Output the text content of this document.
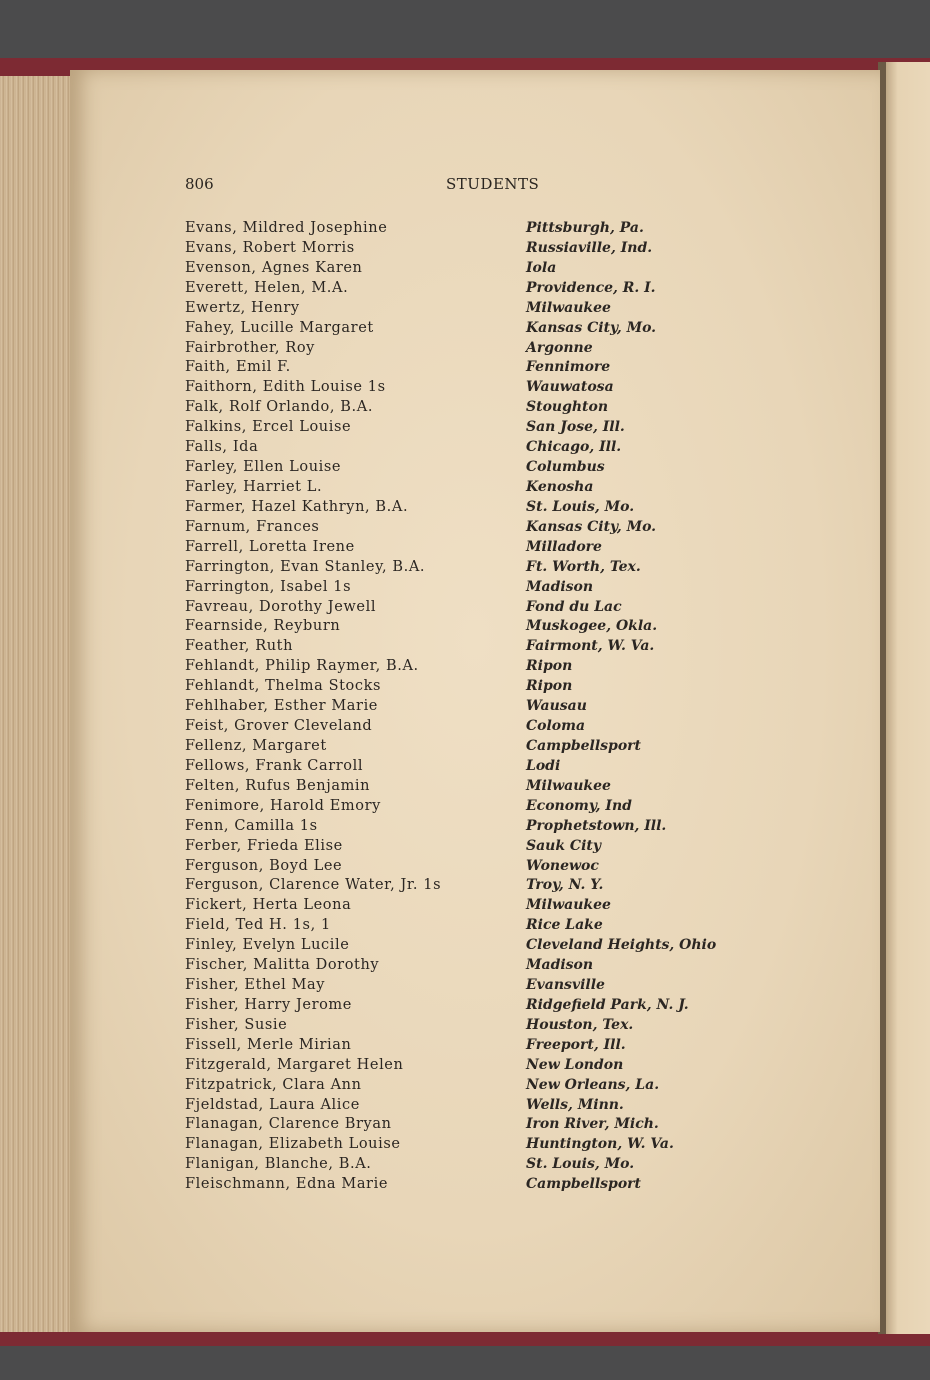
806	STUDENTS
Evans, Mildred Josephine	Pittsburgh, Pa.
Evans, Robert Morris	Russiaville, Ind.
Evenson, Agnes Karen	Iola
Everett, Helen, M.A.	Providence, R. I.
Ewertz, Henry	Milwaukee
Fahey, Lucille Margaret	Kansas City, Mo.
Fairbrother, Roy	Argonne
Faith, Emil F.	Fennimore
Faithorn, Edith Louise 1s	Wauwatosa
Falk, Rolf Orlando, B.A.	Stoughton
Falkins, Ercel Louise	San Jose, Ill.
Falls, Ida	Chicago, Ill.
Farley, Ellen Louise	Columbus
Farley, Harriet L.	Kenosha
Farmer, Hazel Kathryn, B.A.	St. Louis, Mo.
Farnum, Frances	Kansas City, Mo.
Farrell, Loretta Irene	Milladore
Farrington, Evan Stanley, B.A.	Ft. Worth, Tex.
Farrington, Isabel 1s	Madison
Favreau, Dorothy Jewell	Fond du Lac
Fearnside, Reyburn	Muskogee, Okla.
Feather, Ruth	Fairmont, W. Va.
Fehlandt, Philip Raymer, B.A.	Ripon
Fehlandt, Thelma Stocks	Ripon
Fehlhaber, Esther Marie	Wausau
Feist, Grover Cleveland	Coloma
Fellenz, Margaret	Campbellsport
Fellows, Frank Carroll	Lodi
Felten, Rufus Benjamin	Milwaukee
Fenimore, Harold Emory	Economy, Ind
Fenn, Camilla 1s	Prophetstown, Ill.
Ferber, Frieda Elise	Sauk City
Ferguson, Boyd Lee	Wonewoc
Ferguson, Clarence Water, Jr. 1s	Troy, N. Y.
Fickert, Herta Leona	Milwaukee
Field, Ted H. 1s, 1	Rice Lake
Finley, Evelyn Lucile	Cleveland Heights, Ohio
Fischer, Malitta Dorothy	Madison
Fisher, Ethel May	Evansville
Fisher, Harry Jerome	Ridgefield Park, N. J.
Fisher, Susie	Houston, Tex.
Fissell, Merle Mirian	Freeport, Ill.
Fitzgerald, Margaret Helen	New London
Fitzpatrick, Clara Ann	New Orleans, La.
Fjeldstad, Laura Alice	Wells, Minn.
Flanagan, Clarence Bryan	Iron River, Mich.
Flanagan, Elizabeth Louise	Huntington, W. Va.
Flanigan, Blanche, B.A.	St. Louis, Mo.
Fleischmann, Edna Marie	Campbellsport
